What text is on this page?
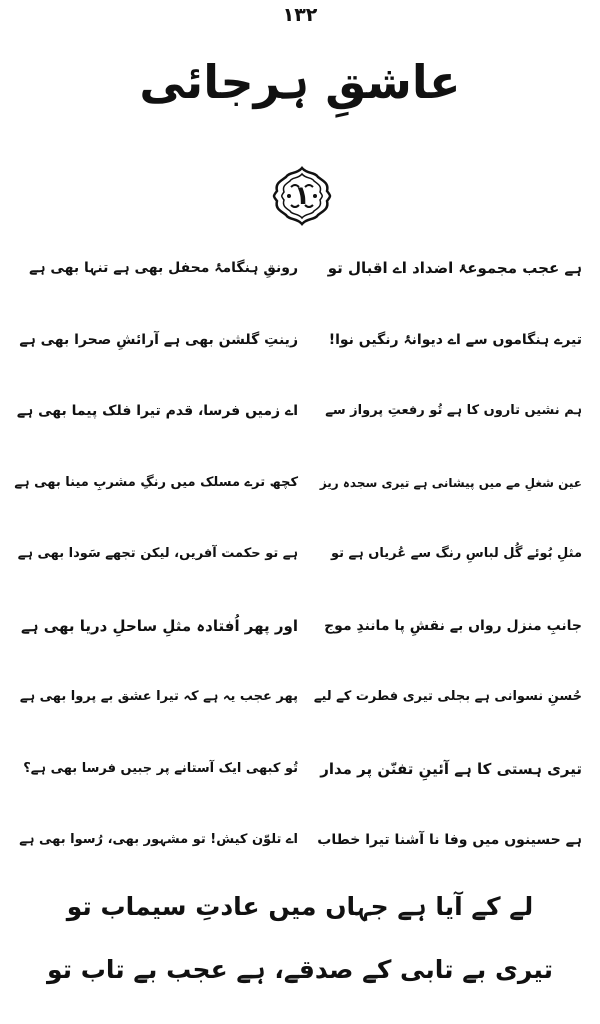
۱۳۲
عاشقِ ہرجائی
۱
ہے عجب مجموعۂ اضداد اے اقبال تو
رونقِ ہنگامۂ محفل بھی ہے تنہا بھی ہے
تیرے ہنگاموں سے اے دیوانۂ رنگیں نوا!
زینتِ گلشن بھی ہے آرائشِ صحرا بھی ہے
ہم نشیں تاروں کا ہے تُو رفعتِ پرواز سے
اے زمیں فرسا، قدم تیرا فلک پیما بھی ہے
عین شغلِ مے میں پیشانی ہے تیری سجدہ ریز
کچھ ترے مسلک میں رنگِ مشربِ مینا بھی ہے
مثلِ بُوئے گُل لباسِ رنگ سے عُریاں ہے تو
ہے تو حکمت آفریں، لیکن تجھے سَودا بھی ہے
جانبِ منزل رواں بے نقشِ پا مانندِ موج
اور پھر اُفتادہ مثلِ ساحلِ دریا بھی ہے
حُسنِ نسوانی ہے بجلی تیری فطرت کے لیے
پھر عجب یہ ہے کہ تیرا عشق بے پروا بھی ہے
تیری ہستی کا ہے آئینِ تفنّن پر مدار
تُو کبھی ایک آستانے پر جبیں فرسا بھی ہے؟
ہے حسینوں میں وفا نا آشنا تیرا خطاب
اے تلوّن کیش! تو مشہور بھی، رُسوا بھی ہے
لے کے آیا ہے جہاں میں عادتِ سیماب تو
تیری بے تابی کے صدقے، ہے عجب بے تاب تو
